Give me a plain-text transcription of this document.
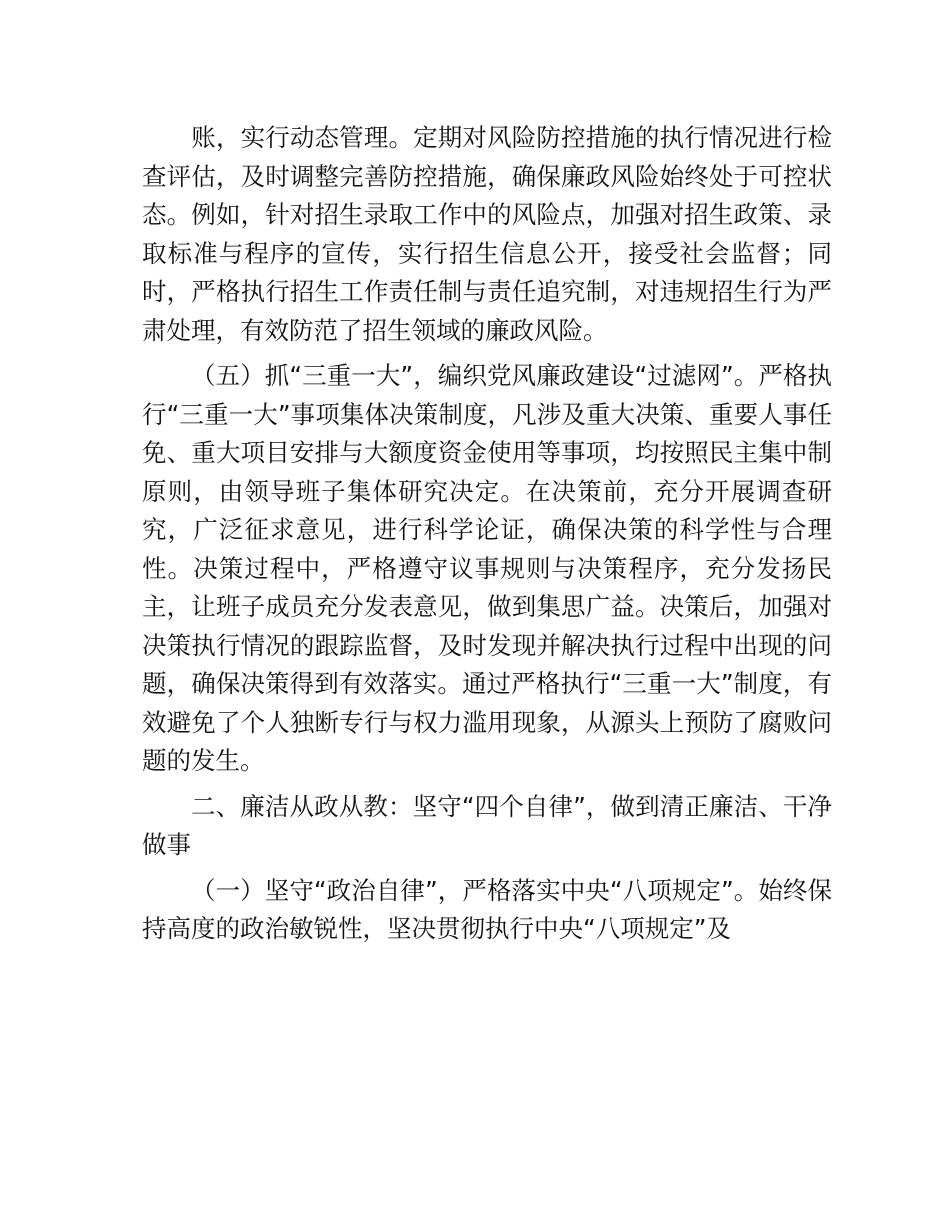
　　账，实行动态管理。定期对风险防控措施的执行情况进行检查评估，及时调整完善防控措施，确保廉政风险始终处于可控状态。例如，针对招生录取工作中的风险点，加强对招生政策、录取标准与程序的宣传，实行招生信息公开，接受社会监督；同时，严格执行招生工作责任制与责任追究制，对违规招生行为严肃处理，有效防范了招生领域的廉政风险。

（五）抓“三重一大”，编织党风廉政建设“过滤网”。严格执行“三重一大”事项集体决策制度，凡涉及重大决策、重要人事任免、重大项目安排与大额度资金使用等事项，均按照民主集中制原则，由领导班子集体研究决定。在决策前，充分开展调查研究，广泛征求意见，进行科学论证，确保决策的科学性与合理性。决策过程中，严格遵守议事规则与决策程序，充分发扬民主，让班子成员充分发表意见，做到集思广益。决策后，加强对决策执行情况的跟踪监督，及时发现并解决执行过程中出现的问题，确保决策得到有效落实。通过严格执行“三重一大”制度，有效避免了个人独断专行与权力滥用现象，从源头上预防了腐败问题的发生。

二、廉洁从政从教：坚守“四个自律”，做到清正廉洁、干净做事

（一）坚守“政治自律”，严格落实中央“八项规定”。始终保持高度的政治敏锐性，坚决贯彻执行中央“八项规定”及
